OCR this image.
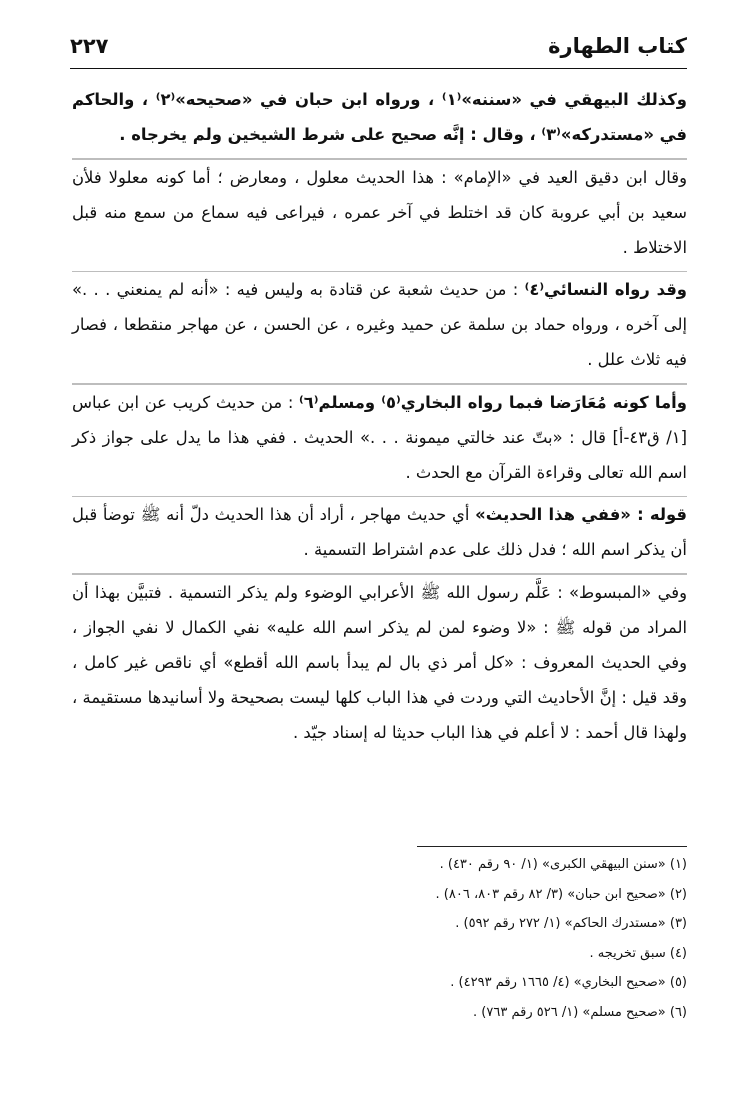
كتاب الطهارة
٢٢٧

وكذلك البيهقي في «سننه»⁽١⁾ ، ورواه ابن حبان في «صحيحه»⁽٢⁾ ، والحاكم في «مستدركه»⁽٣⁾ ، وقال : إنَّه صحيح على شرط الشيخين ولم يخرجاه .

وقال ابن دقيق العيد في «الإمام» : هذا الحديث معلول ، ومعارض ؛ أما كونه معلولا فلأن سعيد بن أبي عروبة كان قد اختلط في آخر عمره ، فيراعى فيه سماع من سمع منه قبل الاختلاط .

وقد رواه النسائي⁽٤⁾ : من حديث شعبة عن قتادة به وليس فيه : «أنه لم يمنعني . . .» إلى آخره ، ورواه حماد بن سلمة عن حميد وغيره ، عن الحسن ، عن مهاجر منقطعا ، فصار فيه ثلاث علل .

وأما كونه مُعَارَضا فبما رواه البخاري⁽٥⁾ ومسلم⁽٦⁾ : من حديث كريب عن ابن عباس [١/ ق٤٣-أ] قال : «بتّ عند خالتي ميمونة . . .» الحديث . ففي هذا ما يدل على جواز ذكر اسم الله تعالى وقراءة القرآن مع الحدث .

قوله : «ففي هذا الحديث» أي حديث مهاجر ، أراد أن هذا الحديث دلّ أنه ﷺ توضأ قبل أن يذكر اسم الله ؛ فدل ذلك على عدم اشتراط التسمية .

وفي «المبسوط» : عَلَّم رسول الله ﷺ الأعرابي الوضوء ولم يذكر التسمية . فتبيَّن بهذا أن المراد من قوله ﷺ : «لا وضوء لمن لم يذكر اسم الله عليه» نفي الكمال لا نفي الجواز ، وفي الحديث المعروف : «كل أمر ذي بال لم يبدأ باسم الله أقطع» أي ناقص غير كامل ، وقد قيل : إنَّ الأحاديث التي وردت في هذا الباب كلها ليست بصحيحة ولا أسانيدها مستقيمة ، ولهذا قال أحمد : لا أعلم في هذا الباب حديثا له إسناد جيّد .

(١) «سنن البيهقي الكبرى» (١/ ٩٠ رقم ٤٣٠) .

(٢) «صحيح ابن حبان» (٣/ ٨٢ رقم ٨٠٣، ٨٠٦) .

(٣) «مستدرك الحاكم» (١/ ٢٧٢ رقم ٥٩٢) .

(٤) سبق تخريجه .

(٥) «صحيح البخاري» (٤/ ١٦٦٥ رقم ٤٢٩٣) .

(٦) «صحيح مسلم» (١/ ٥٢٦ رقم ٧٦٣) .
